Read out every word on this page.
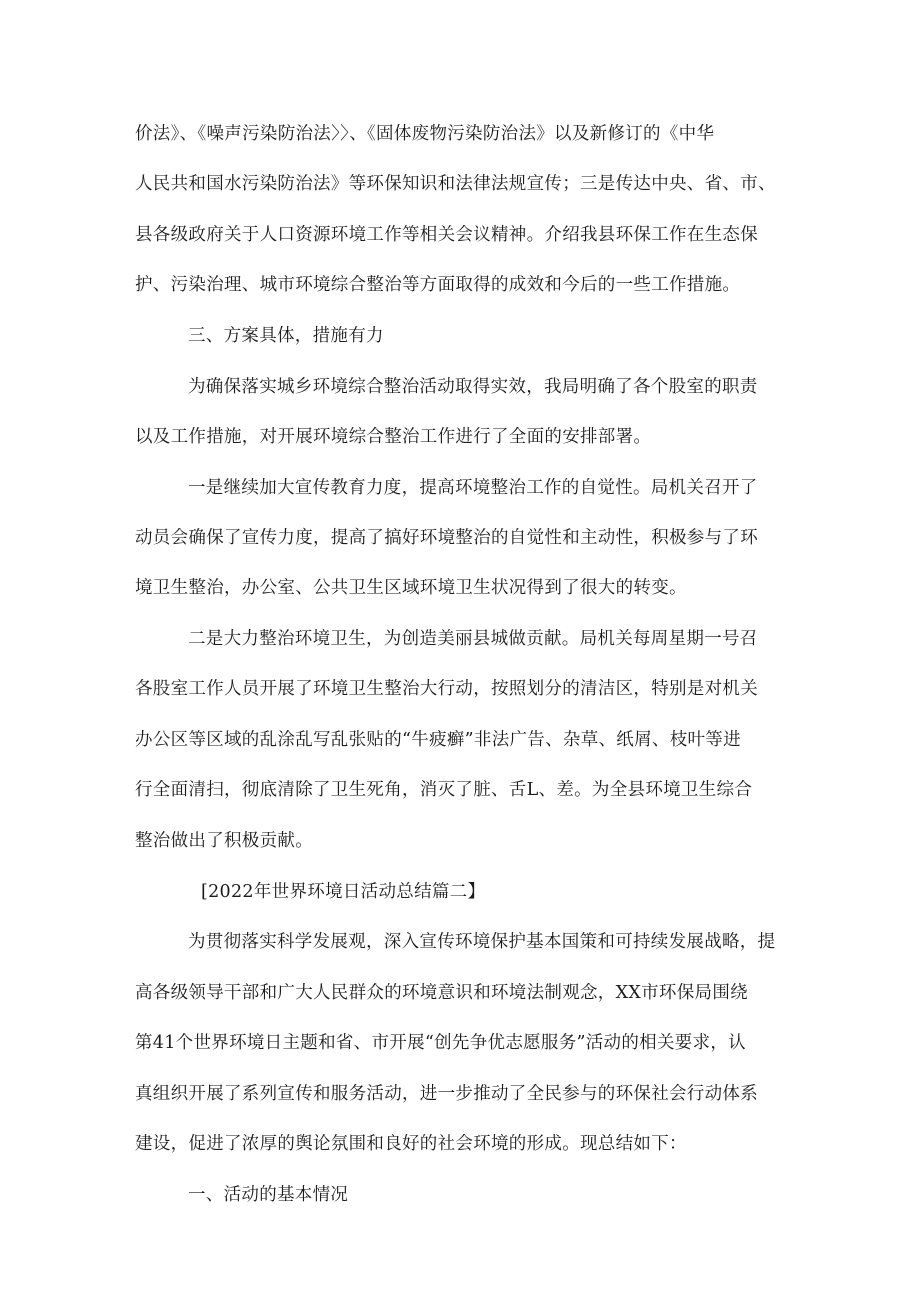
价法》、《噪声污染防治法〉〉、《固体废物污染防治法》以及新修订的《中华
人民共和国水污染防治法》等环保知识和法律法规宣传；三是传达中央、省、市、
县各级政府关于人口资源环境工作等相关会议精神。介绍我县环保工作在生态保
护、污染治理、城市环境综合整治等方面取得的成效和今后的一些工作措施。
三、方案具体，措施有力
为确保落实城乡环境综合整治活动取得实效，我局明确了各个股室的职责
以及工作措施，对开展环境综合整治工作进行了全面的安排部署。
一是继续加大宣传教育力度，提高环境整治工作的自觉性。局机关召开了
动员会确保了宣传力度，提高了搞好环境整治的自觉性和主动性，积极参与了环
境卫生整治，办公室、公共卫生区域环境卫生状况得到了很大的转变。
二是大力整治环境卫生，为创造美丽县城做贡献。局机关每周星期一号召
各股室工作人员开展了环境卫生整治大行动，按照划分的清洁区，特别是对机关
办公区等区域的乱涂乱写乱张贴的“牛疲癣”非法广告、杂草、纸屑、枝叶等进
行全面清扫，彻底清除了卫生死角，消灭了脏、舌L、差。为全县环境卫生综合
整治做出了积极贡献。
[2022年世界环境日活动总结篇二】
为贯彻落实科学发展观，深入宣传环境保护基本国策和可持续发展战略，提
高各级领导干部和广大人民群众的环境意识和环境法制观念，XX市环保局围绕
第41个世界环境日主题和省、市开展“创先争优志愿服务”活动的相关要求，认
真组织开展了系列宣传和服务活动，进一步推动了全民参与的环保社会行动体系
建设，促进了浓厚的舆论氛围和良好的社会环境的形成。现总结如下：
一、活动的基本情况
